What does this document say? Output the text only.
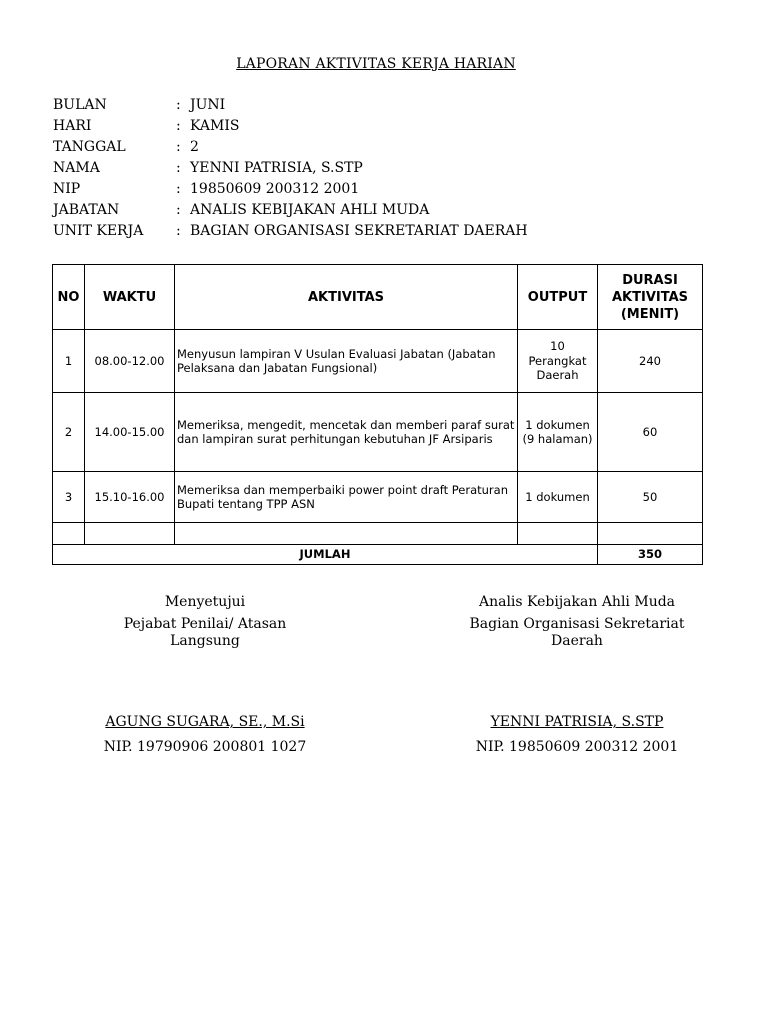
LAPORAN AKTIVITAS KERJA HARIAN
BULAN	: JUNI
HARI	: KAMIS
TANGGAL	: 2
NAMA	: YENNI PATRISIA, S.STP
NIP	: 19850609 200312 2001
JABATAN	: ANALIS KEBIJAKAN AHLI MUDA
UNIT KERJA	: BAGIAN ORGANISASI SEKRETARIAT DAERAH
NO	WAKTU	AKTIVITAS	OUTPUT	DURASI AKTIVITAS (MENIT)
1	08.00-12.00	Menyusun lampiran V Usulan Evaluasi Jabatan (Jabatan Pelaksana dan Jabatan Fungsional)	10 Perangkat Daerah	240
2	14.00-15.00	Memeriksa, mengedit, mencetak dan memberi paraf surat dan lampiran surat perhitungan kebutuhan JF Arsiparis	1 dokumen (9 halaman)	60
3	15.10-16.00	Memeriksa dan memperbaiki power point draft Peraturan Bupati tentang TPP ASN	1 dokumen	50

JUMLAH				350
Menyetujui
Pejabat Penilai/ Atasan
Langsung
AGUNG SUGARA, SE., M.Si
NIP. 19790906 200801 1027
Analis Kebijakan Ahli Muda
Bagian Organisasi Sekretariat
Daerah
YENNI PATRISIA, S.STP
NIP. 19850609 200312 2001
